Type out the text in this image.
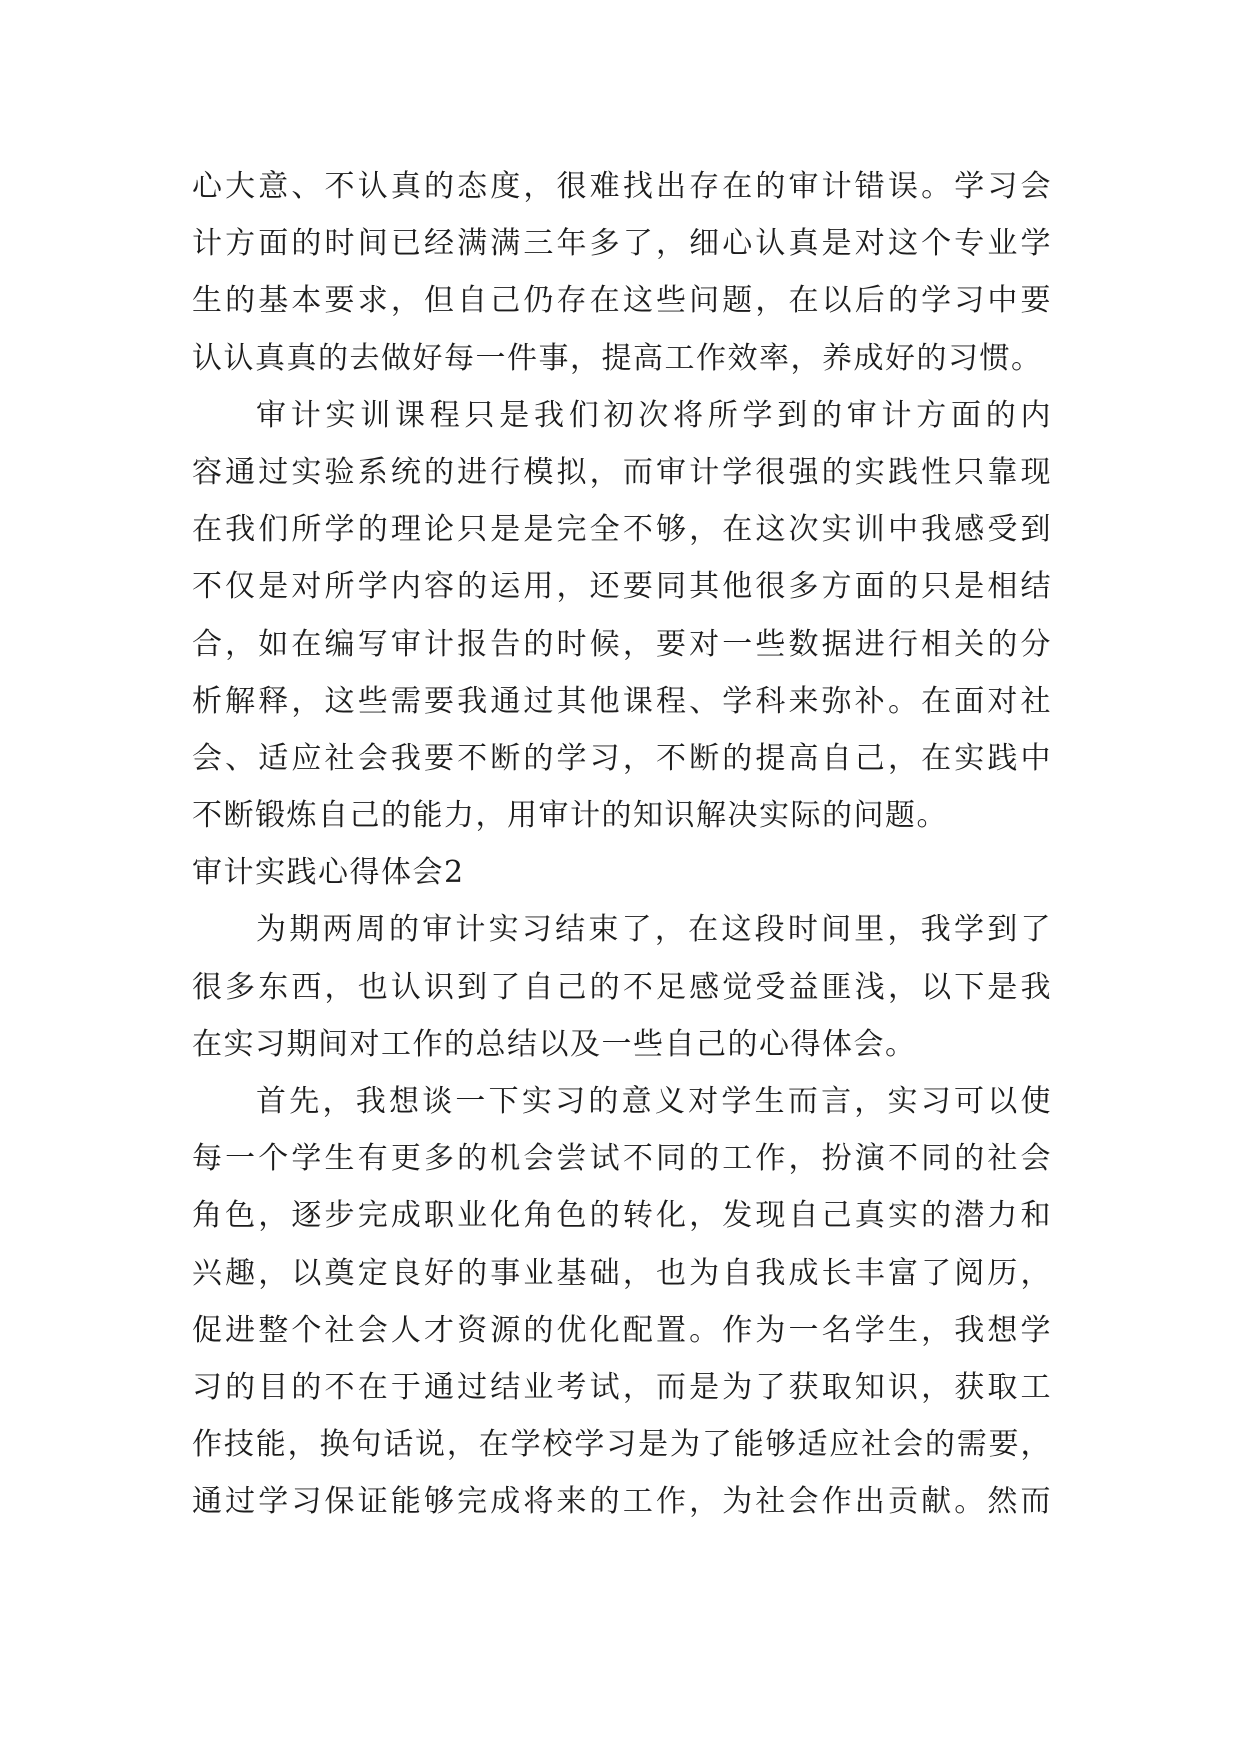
心大意、不认真的态度，很难找出存在的审计错误。学习会
计方面的时间已经满满三年多了，细心认真是对这个专业学
生的基本要求，但自己仍存在这些问题，在以后的学习中要
认认真真的去做好每一件事，提高工作效率，养成好的习惯。
审计实训课程只是我们初次将所学到的审计方面的内
容通过实验系统的进行模拟，而审计学很强的实践性只靠现
在我们所学的理论只是是完全不够，在这次实训中我感受到
不仅是对所学内容的运用，还要同其他很多方面的只是相结
合，如在编写审计报告的时候，要对一些数据进行相关的分
析解释，这些需要我通过其他课程、学科来弥补。在面对社
会、适应社会我要不断的学习，不断的提高自己，在实践中
不断锻炼自己的能力，用审计的知识解决实际的问题。
审计实践心得体会2
为期两周的审计实习结束了，在这段时间里，我学到了
很多东西，也认识到了自己的不足感觉受益匪浅，以下是我
在实习期间对工作的总结以及一些自己的心得体会。
首先，我想谈一下实习的意义对学生而言，实习可以使
每一个学生有更多的机会尝试不同的工作，扮演不同的社会
角色，逐步完成职业化角色的转化，发现自己真实的潜力和
兴趣，以奠定良好的事业基础，也为自我成长丰富了阅历，
促进整个社会人才资源的优化配置。作为一名学生，我想学
习的目的不在于通过结业考试，而是为了获取知识，获取工
作技能，换句话说，在学校学习是为了能够适应社会的需要，
通过学习保证能够完成将来的工作，为社会作出贡献。然而
